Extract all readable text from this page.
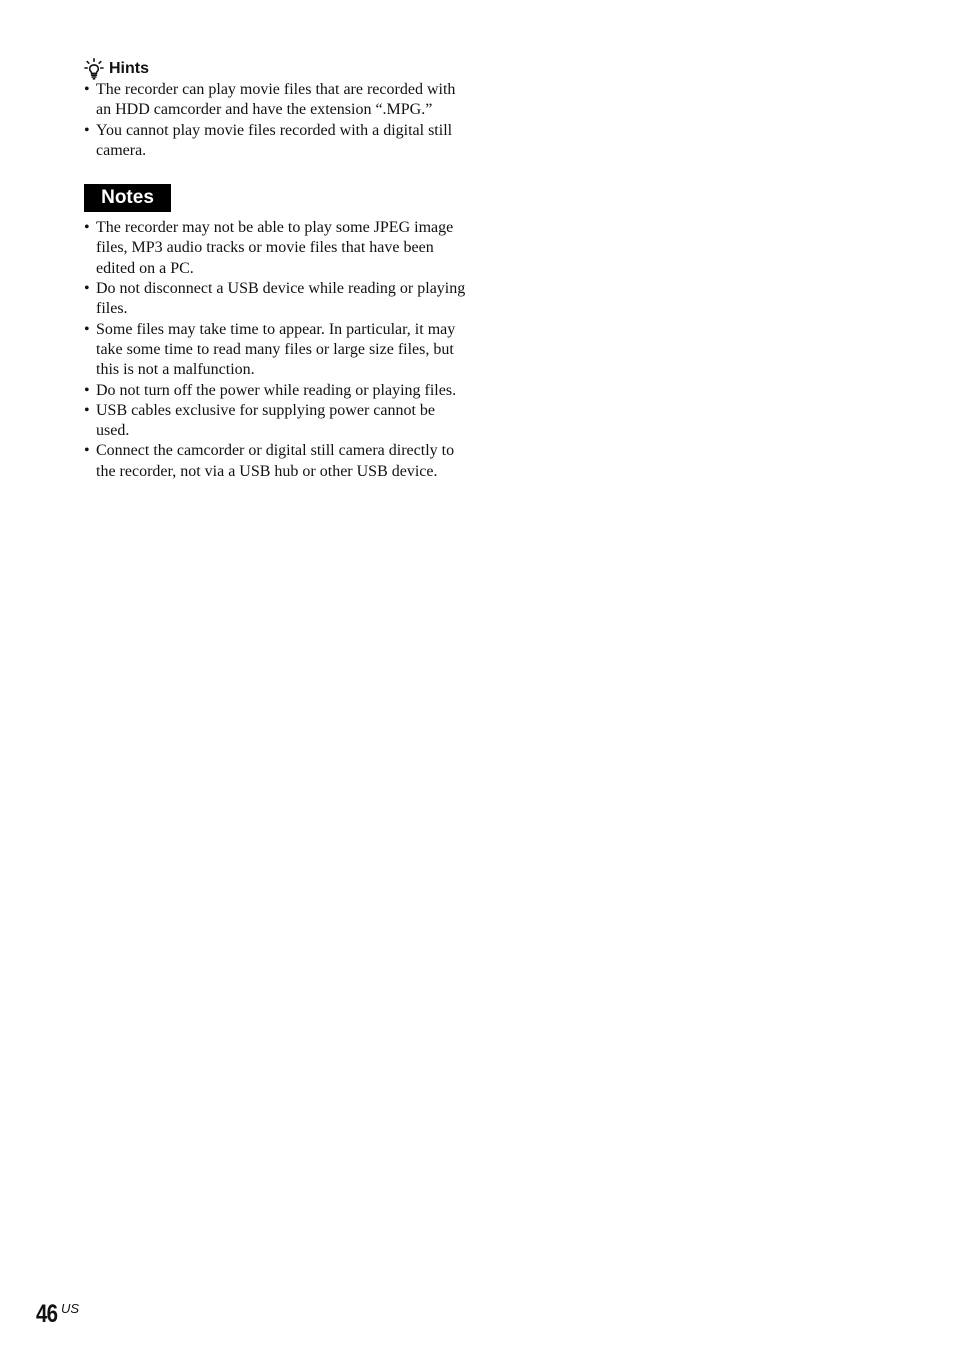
Hints
• The recorder can play movie files that are recorded with an HDD camcorder and have the extension “.MPG.”
• You cannot play movie files recorded with a digital still camera.
Notes
• The recorder may not be able to play some JPEG image files, MP3 audio tracks or movie files that have been edited on a PC.
• Do not disconnect a USB device while reading or playing files.
• Some files may take time to appear. In particular, it may take some time to read many files or large size files, but this is not a malfunction.
• Do not turn off the power while reading or playing files.
• USB cables exclusive for supplying power cannot be used.
• Connect the camcorder or digital still camera directly to the recorder, not via a USB hub or other USB device.
46 US
